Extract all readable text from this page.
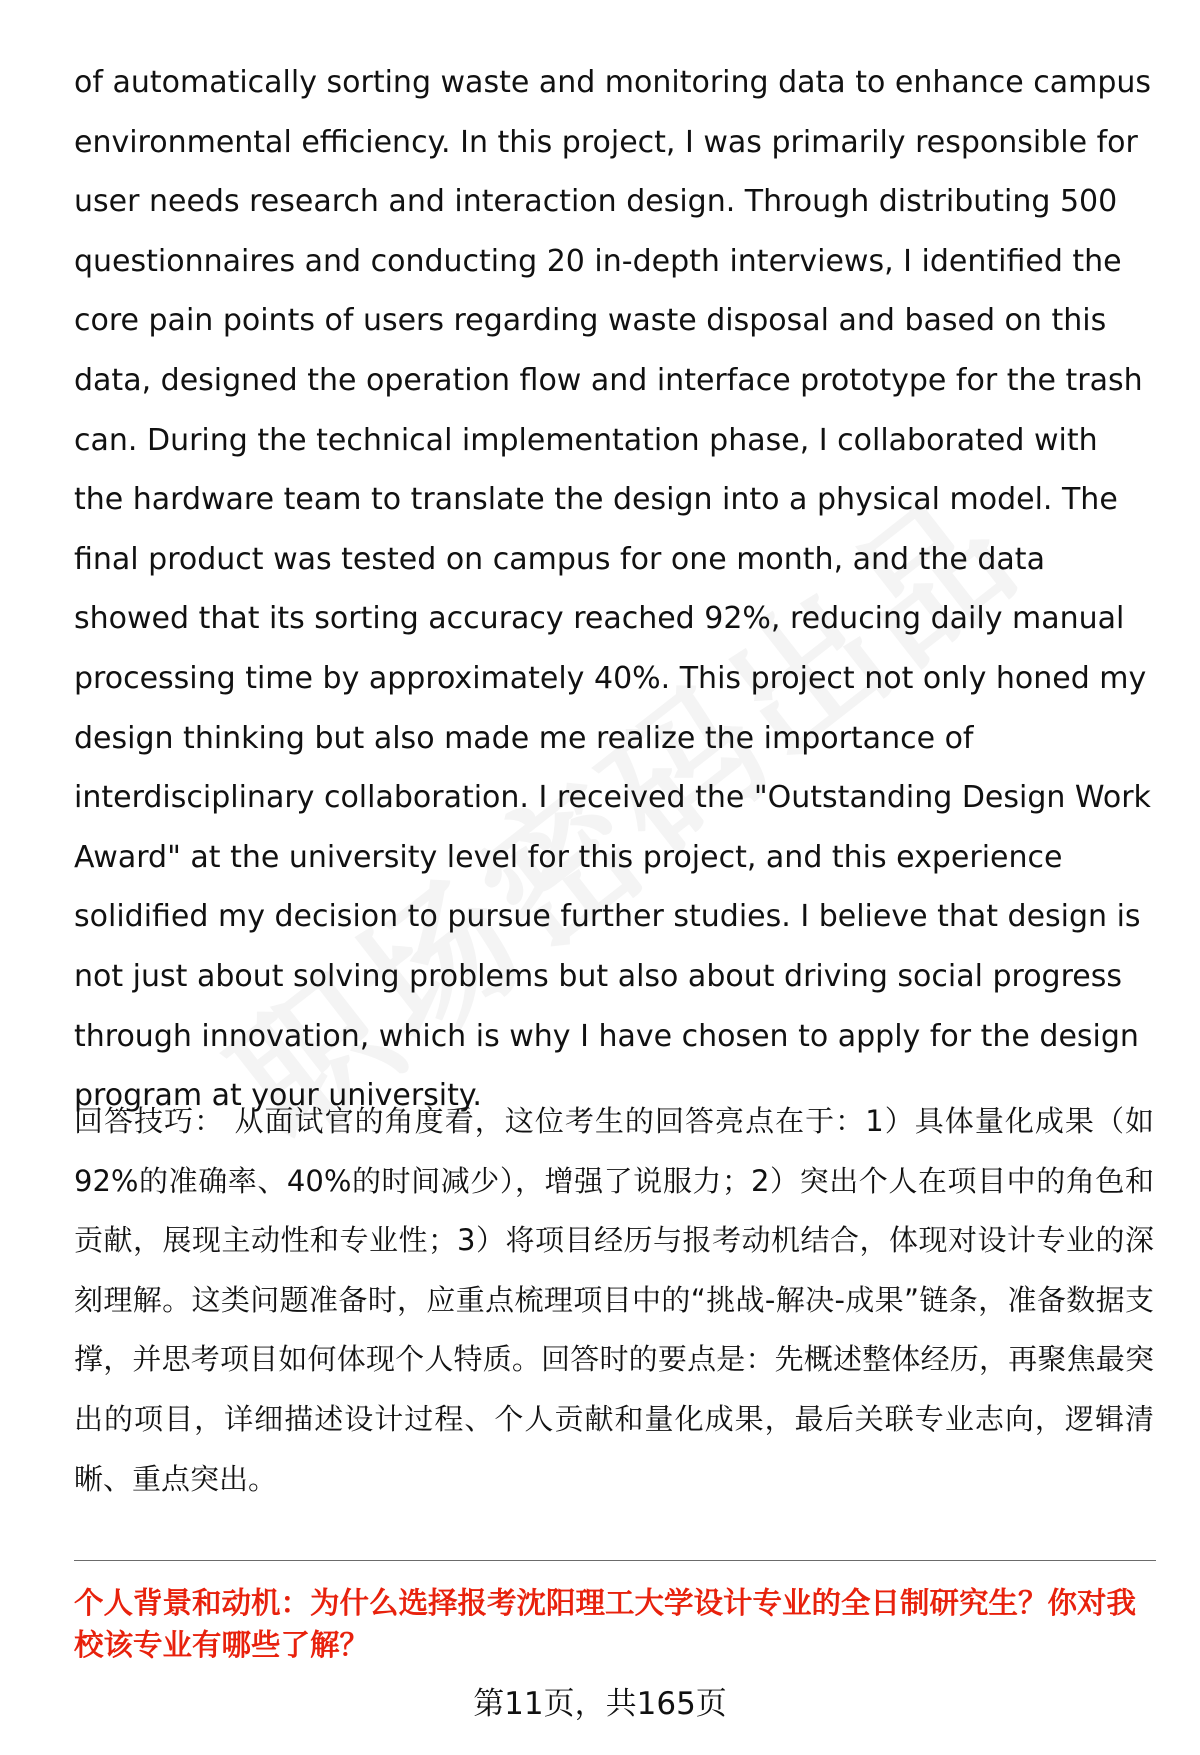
of automatically sorting waste and monitoring data to enhance campus environmental efficiency. In this project, I was primarily responsible for user needs research and interaction design. Through distributing 500 questionnaires and conducting 20 in-depth interviews, I identified the core pain points of users regarding waste disposal and based on this data, designed the operation flow and interface prototype for the trash can. During the technical implementation phase, I collaborated with the hardware team to translate the design into a physical model. The final product was tested on campus for one month, and the data showed that its sorting accuracy reached 92%, reducing daily manual processing time by approximately 40%. This project not only honed my design thinking but also made me realize the importance of interdisciplinary collaboration. I received the "Outstanding Design Work Award" at the university level for this project, and this experience solidified my decision to pursue further studies. I believe that design is not just about solving problems but also about driving social progress through innovation, which is why I have chosen to apply for the design program at your university.

回答技巧： 从面试官的角度看，这位考生的回答亮点在于：1）具体量化成果（如92%的准确率、40%的时间减少），增强了说服力；2）突出个人在项目中的角色和贡献，展现主动性和专业性；3）将项目经历与报考动机结合，体现对设计专业的深刻理解。这类问题准备时，应重点梳理项目中的“挑战-解决-成果”链条，准备数据支撑，并思考项目如何体现个人特质。回答时的要点是：先概述整体经历，再聚焦最突出的项目，详细描述设计过程、个人贡献和量化成果，最后关联专业志向，逻辑清晰、重点突出。

个人背景和动机：为什么选择报考沈阳理工大学设计专业的全日制研究生？你对我校该专业有哪些了解？

第11页，共165页
